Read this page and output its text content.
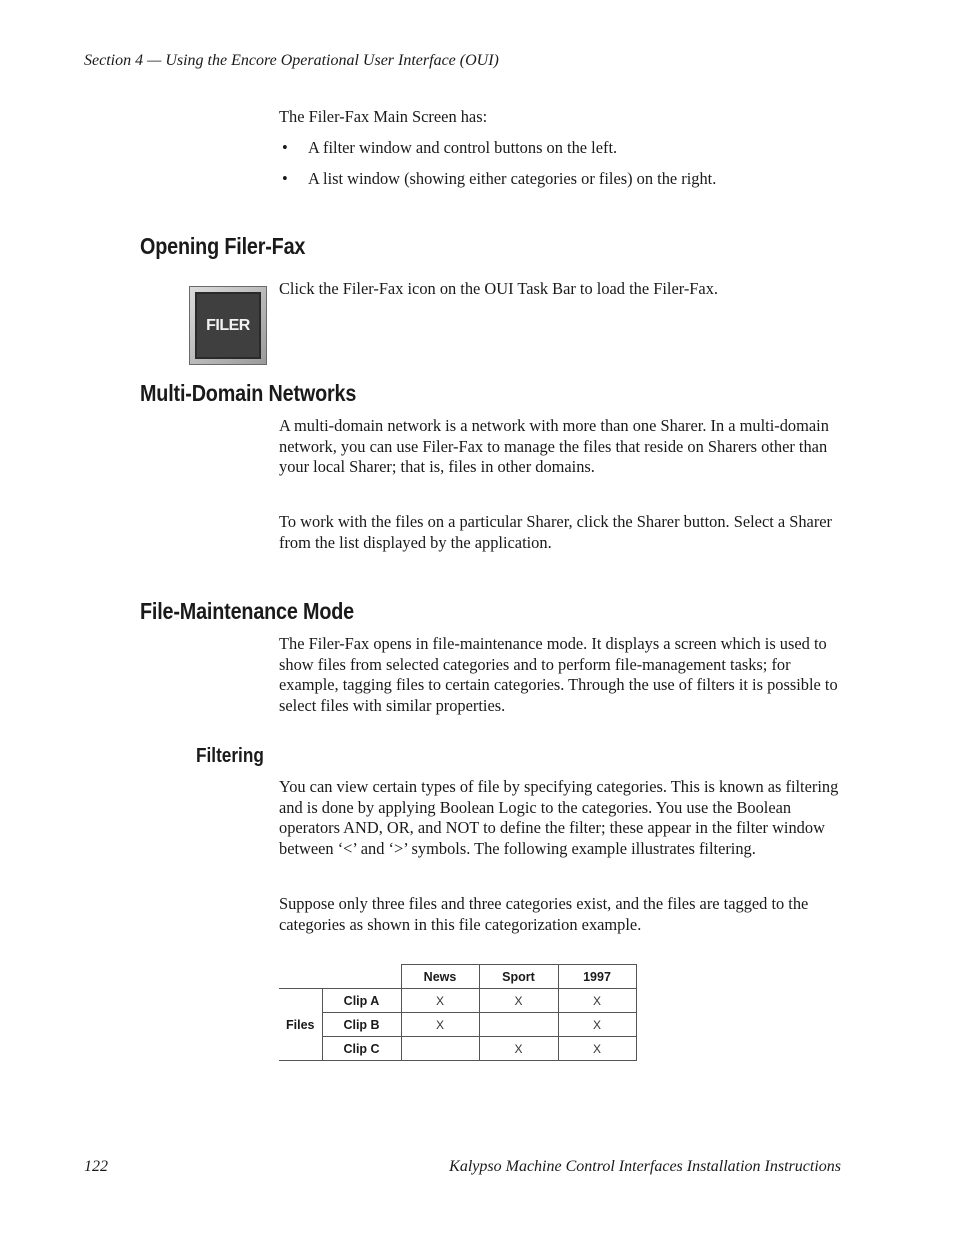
Section 4 — Using the Encore Operational User Interface (OUI)
The Filer-Fax Main Screen has:
• A filter window and control buttons on the left.
• A list window (showing either categories or files) on the right.
Opening Filer-Fax
FILER
Click the Filer-Fax icon on the OUI Task Bar to load the Filer-Fax.
Multi-Domain Networks
A multi-domain network is a network with more than one Sharer. In a multi-domain network, you can use Filer-Fax to manage the files that reside on Sharers other than your local Sharer; that is, files in other domains.
To work with the files on a particular Sharer, click the Sharer button. Select a Sharer from the list displayed by the application.
File-Maintenance Mode
The Filer-Fax opens in file-maintenance mode. It displays a screen which is used to show files from selected categories and to perform file-management tasks; for example, tagging files to certain categories. Through the use of filters it is possible to select files with similar properties.
Filtering
You can view certain types of file by specifying categories. This is known as filtering and is done by applying Boolean Logic to the categories. You use the Boolean operators AND, OR, and NOT to define the filter; these appear in the filter window between ‘<’ and ‘>’ symbols. The following example illustrates filtering.
Suppose only three files and three categories exist, and the files are tagged to the categories as shown in this file categorization example.
		News	Sport	1997
Files	Clip A	X	X	X
	Clip B	X		X
	Clip C		X	X
122	Kalypso Machine Control Interfaces Installation Instructions
